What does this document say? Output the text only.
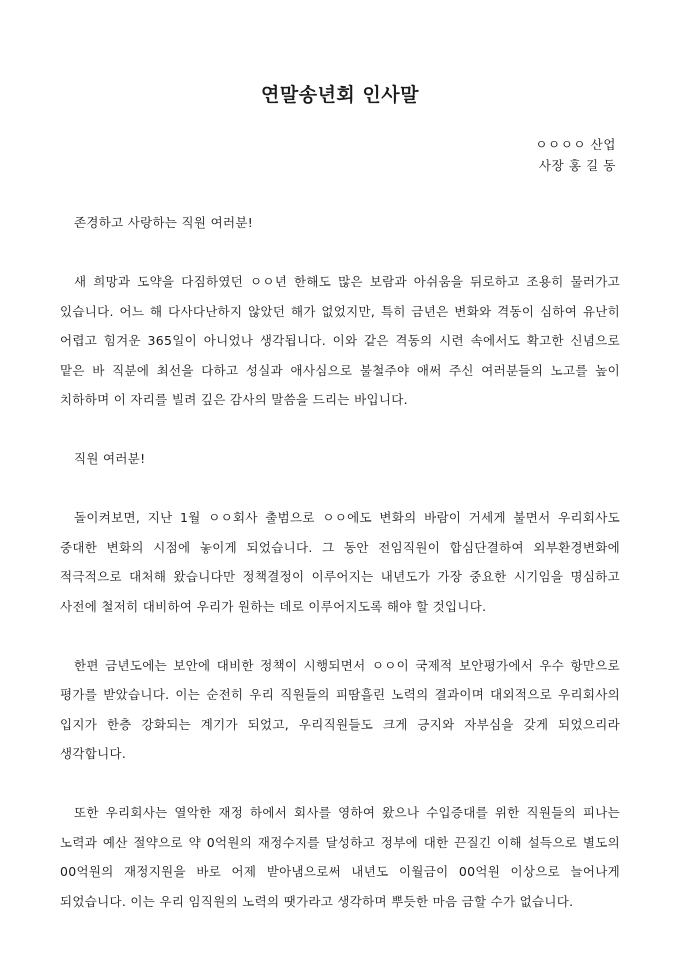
연말송년회 인사말
ㅇㅇㅇㅇ 산업
사장 홍 길 동

존경하고 사랑하는 직원 여러분!

새 희망과 도약을 다짐하였던 ㅇㅇ년 한해도 많은 보람과 아쉬움을 뒤로하고 조용히 물러가고 있습니다. 어느 해 다사다난하지 않았던 해가 없었지만, 특히 금년은 변화와 격동이 심하여 유난히 어렵고 힘겨운 365일이 아니었나 생각됩니다. 이와 같은 격동의 시련 속에서도 확고한 신념으로 맡은 바 직분에 최선을 다하고 성실과 애사심으로 불철주야 애써 주신 여러분들의 노고를 높이 치하하며 이 자리를 빌려 깊은 감사의 말씀을 드리는 바입니다.

직원 여러분!

돌이켜보면, 지난 1월 ㅇㅇ회사 출범으로 ㅇㅇ에도 변화의 바람이 거세게 불면서 우리회사도 중대한 변화의 시점에 놓이게 되었습니다. 그 동안 전임직원이 합심단결하여 외부환경변화에 적극적으로 대처해 왔습니다만 정책결정이 이루어지는 내년도가 가장 중요한 시기임을 명심하고 사전에 철저히 대비하여 우리가 원하는 데로 이루어지도록 해야 할 것입니다.

한편 금년도에는 보안에 대비한 정책이 시행되면서 ㅇㅇ이 국제적 보안평가에서 우수 항만으로 평가를 받았습니다. 이는 순전히 우리 직원들의 피땀흘린 노력의 결과이며 대외적으로 우리회사의 입지가 한층 강화되는 계기가 되었고, 우리직원들도 크게 긍지와 자부심을 갖게 되었으리라 생각합니다.

또한 우리회사는 열악한 재정 하에서 회사를 영하여 왔으나 수입증대를 위한 직원들의 피나는 노력과 예산 절약으로 약 0억원의 재정수지를 달성하고 정부에 대한 끈질긴 이해 설득으로 별도의 00억원의 재정지원을 바로 어제 받아냄으로써 내년도 이월금이 00억원 이상으로 늘어나게 되었습니다. 이는 우리 임직원의 노력의 땟가라고 생각하며 뿌듯한 마음 금할 수가 없습니다.
